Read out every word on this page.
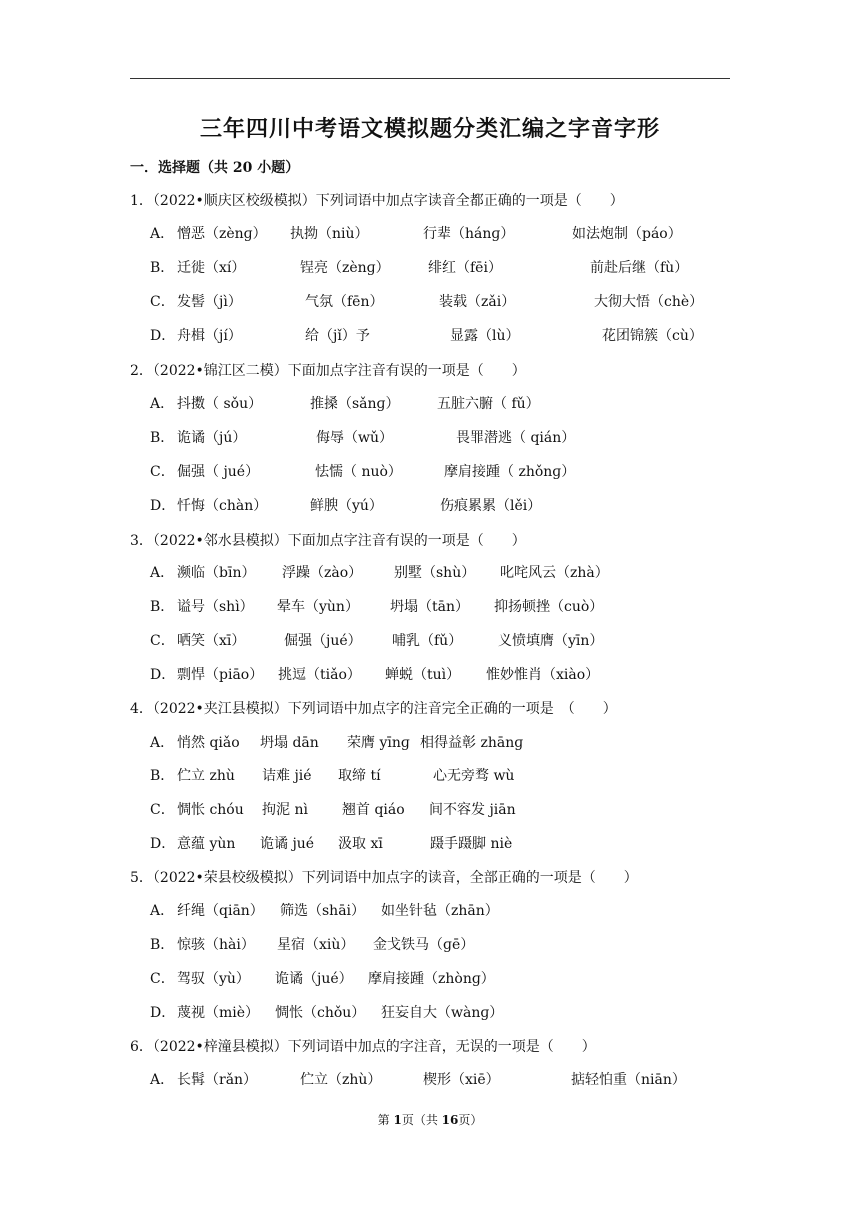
三年四川中考语文模拟题分类汇编之字音字形
一．选择题（共 20 小题）
1．（2022•顺庆区校级模拟）下列词语中加点字读音全都正确的一项是（　　）
A． 憎恶（zènɡ） 执拗（niù）	行辈（hánɡ）	如法炮制（páo）
B． 迁徙（xí）	锃亮（zènɡ）	绯红（fēi）	前赴后继（fù）
C． 发髻（jì）	气氛（fēn）	装载（zǎi）	大彻大悟（chè）
D． 舟楫（jí）	给（jǐ）予	显露（lù）	花团锦簇（cù）
2．（2022•锦江区二模）下面加点字注音有误的一项是（　　）
A． 抖擞（ sǒu）	推搡（sǎnɡ）	五脏六腑（ fǔ）
B． 诡谲（jú）	侮辱（wǔ）	畏罪潜逃（ qián）
C． 倔强（ jué）	怯懦（ nuò）	摩肩接踵（ zhǒnɡ）
D． 忏悔（chàn）	鲜腴（yú）	伤痕累累（lěi）
3．（2022•邻水县模拟）下面加点字注音有误的一项是（　　）
A． 濒临（bīn） 浮躁（zào） 别墅（shù） 叱咤风云（zhà）
B． 谥号（shì） 晕车（yùn） 坍塌（tān） 抑扬顿挫（cuò）
C． 哂笑（xī）	倔强（jué） 哺乳（fǔ）	义愤填膺（yīn）
D． 剽悍（piāo） 挑逗（tiǎo） 蝉蜕（tuì） 惟妙惟肖（xiào）
4．（2022•夹江县模拟）下列词语中加点字的注音完全正确的一项是　（　　）
A． 悄然 qiǎo 坍塌 dān 荣膺 yīnɡ 相得益彰 zhānɡ
B． 伫立 zhù 诘难 jié 取缔 tí	心无旁骛 wù
C． 惆怅 chóu 拘泥 nì 翘首 qiáo 间不容发 jiān
D． 意蕴 yùn 诡谲 jué 汲取 xī	蹑手蹑脚 niè
5．（2022•荣县校级模拟）下列词语中加点字的读音，全部正确的一项是（　　）
A． 纤绳（qiān） 筛选（shāi） 如坐针毡（zhān）
B． 惊骇（hài） 星宿（xiù） 金戈铁马（ɡē）
C． 驾驭（yù） 诡谲（jué） 摩肩接踵（zhònɡ）
D． 蔑视（miè） 惆怅（chǒu） 狂妄自大（wànɡ）
6．（2022•梓潼县模拟）下列词语中加点的字注音，无误的一项是（　　）
A． 长髯（rǎn）	伫立（zhù）	楔形（xiē）	掂轻怕重（niān）
第 1页（共 16页）
